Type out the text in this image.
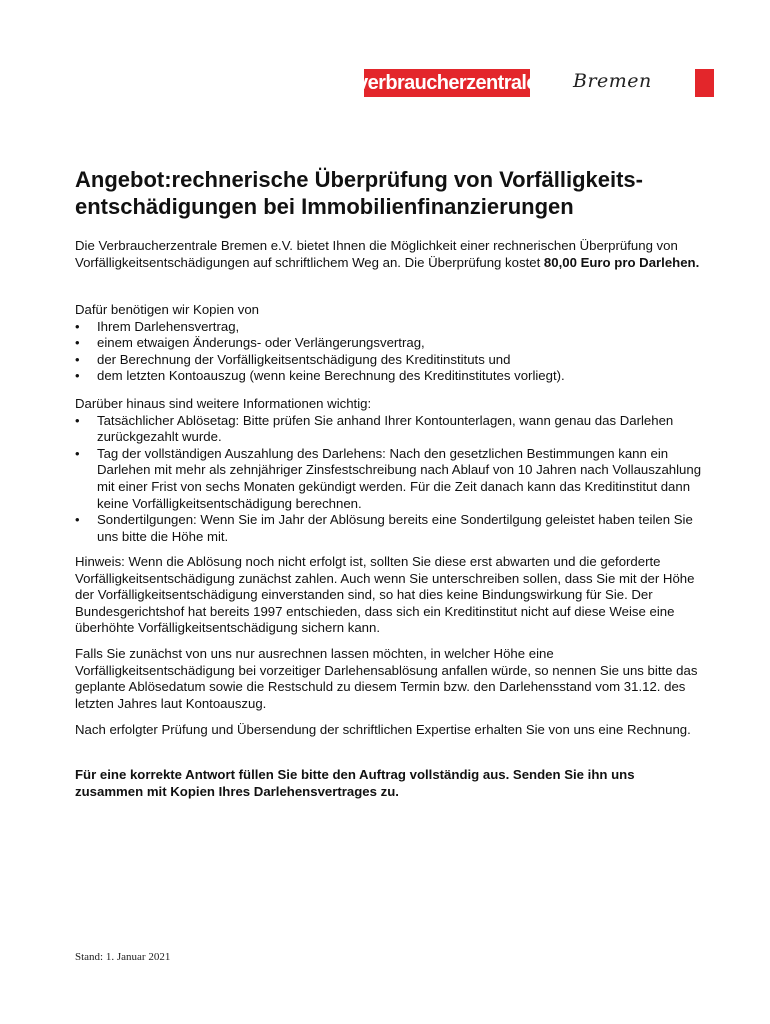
verbraucherzentrale Bremen
Angebot:rechnerische Überprüfung von Vorfälligkeits-
entschädigungen bei Immobilienfinanzierungen

Die Verbraucherzentrale Bremen e.V. bietet Ihnen die Möglichkeit einer rechnerischen Überprüfung von Vorfälligkeitsentschädigungen auf schriftlichem Weg an. Die Überprüfung kostet 80,00 Euro pro Darlehen.

Dafür benötigen wir Kopien von

• Ihrem Darlehensvertrag,
• einem etwaigen Änderungs- oder Verlängerungsvertrag,
• der Berechnung der Vorfälligkeitsentschädigung des Kreditinstituts und
• dem letzten Kontoauszug (wenn keine Berechnung des Kreditinstitutes vorliegt).

Darüber hinaus sind weitere Informationen wichtig:

• Tatsächlicher Ablösetag: Bitte prüfen Sie anhand Ihrer Kontounterlagen, wann genau das Darlehen zurückgezahlt wurde.
• Tag der vollständigen Auszahlung des Darlehens: Nach den gesetzlichen Bestimmungen kann ein Darlehen mit mehr als zehnjähriger Zinsfestschreibung nach Ablauf von 10 Jahren nach Vollauszahlung mit einer Frist von sechs Monaten gekündigt werden. Für die Zeit danach kann das Kreditinstitut dann keine Vorfälligkeitsentschädigung berechnen.
• Sondertilgungen: Wenn Sie im Jahr der Ablösung bereits eine Sondertilgung geleistet haben teilen Sie uns bitte die Höhe mit.
Hinweis: Wenn die Ablösung noch nicht erfolgt ist, sollten Sie diese erst abwarten und die geforderte Vorfälligkeitsentschädigung zunächst zahlen. Auch wenn Sie unterschreiben sollen, dass Sie mit der Höhe der Vorfälligkeitsentschädigung einverstanden sind, so hat dies keine Bindungswirkung für Sie. Der Bundesgerichtshof hat bereits 1997 entschieden, dass sich ein Kreditinstitut nicht auf diese Weise eine überhöhte Vorfälligkeitsentschädigung sichern kann.
Falls Sie zunächst von uns nur ausrechnen lassen möchten, in welcher Höhe eine Vorfälligkeitsentschädigung bei vorzeitiger Darlehensablösung anfallen würde, so nennen Sie uns bitte das geplante Ablösedatum sowie die Restschuld zu diesem Termin bzw. den Darlehensstand vom 31.12. des letzten Jahres laut Kontoauszug.
Nach erfolgter Prüfung und Übersendung der schriftlichen Expertise erhalten Sie von uns eine Rechnung.
Für eine korrekte Antwort füllen Sie bitte den Auftrag vollständig aus. Senden Sie ihn uns zusammen mit Kopien Ihres Darlehensvertrages zu.
Stand: 1. Januar 2021
